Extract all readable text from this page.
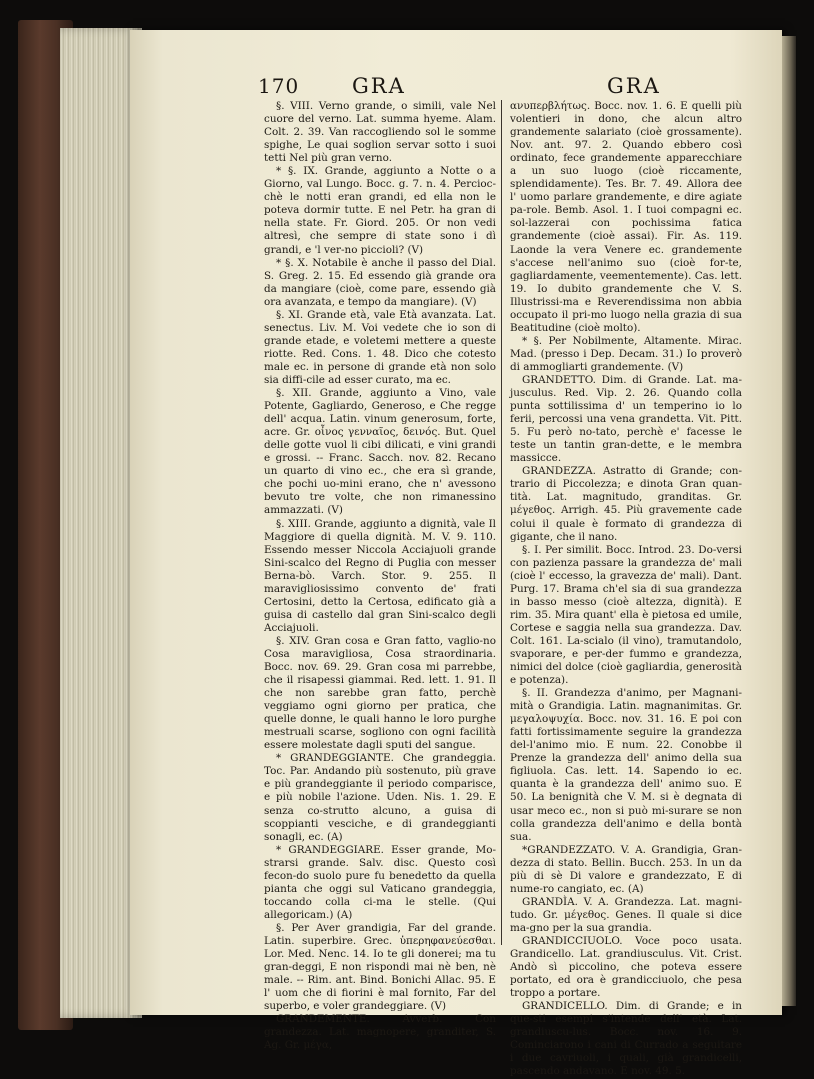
170	GRA	GRA

§. VIII. Verno grande, o simili, vale Nel cuore del verno. Lat. summa hyeme. Alam. Colt. 2. 39. Van raccogliendo sol le somme spighe, Le quai soglion servar sotto i suoi tetti Nel più gran verno.

* §. IX. Grande, aggiunto a Notte o a Giorno, val Lungo. Bocc. g. 7. n. 4. Percioc-chè le notti eran grandi, ed ella non le poteva dormir tutte. E nel Petr. ha gran di nella state. Fr. Giord. 205. Or non vedi altresì, che sempre di state sono i dì grandi, e 'l ver-no piccioli? (V)

* §. X. Notabile è anche il passo del Dial. S. Greg. 2. 15. Ed essendo già grande ora da mangiare (cioè, come pare, essendo già ora avanzata, e tempo da mangiare). (V)

§. XI. Grande età, vale Età avanzata. Lat. senectus. Liv. M. Voi vedete che io son di grande etade, e voletemi mettere a queste riotte. Red. Cons. 1. 48. Dico che cotesto male ec. in persone di grande età non solo sia diffi-cile ad esser curato, ma ec.

§. XII. Grande, aggiunto a Vino, vale Potente, Gagliardo, Generoso, e Che regge dell' acqua. Latin. vinum generosum, forte, acre. Gr. οἶνος γενναῖος, δεινός. But. Quel delle gotte vuol li cibi dilicati, e vini grandi e grossi. -- Franc. Sacch. nov. 82. Recano un quarto di vino ec., che era sì grande, che pochi uo-mini erano, che n' avessono bevuto tre volte, che non rimanessino ammazzati. (V)

§. XIII. Grande, aggiunto a dignità, vale Il Maggiore di quella dignità. M. V. 9. 110. Essendo messer Niccola Acciajuoli grande Sini-scalco del Regno di Puglia con messer Berna-bò. Varch. Stor. 9. 255. Il maravigliosissimo convento de' frati Certosini, detto la Certosa, edificato già a guisa di castello dal gran Sini-scalco degli Acciajuoli.

§. XIV. Gran cosa e Gran fatto, vaglio-no Cosa maravigliosa, Cosa straordinaria. Bocc. nov. 69. 29. Gran cosa mi parrebbe, che il risapessi giammai. Red. lett. 1. 91. Il che non sarebbe gran fatto, perchè veggiamo ogni giorno per pratica, che quelle donne, le quali hanno le loro purghe mestruali scarse, sogliono con ogni facilità essere molestate dagli sputi del sangue.

* GRANDEGGIANTE. Che grandeggia. Toc. Par. Andando più sostenuto, più grave e più grandeggiante il periodo comparisce, e più nobile l'azione. Uden. Nis. 1. 29. E senza co-strutto alcuno, a guisa di scoppianti vesciche, e di grandeggianti sonagli, ec. (A)

* GRANDEGGIARE. Esser grande, Mo-strarsi grande. Salv. disc. Questo così fecon-do suolo pure fu benedetto da quella pianta che oggi sul Vaticano grandeggia, toccando colla ci-ma le stelle. (Qui allegoricam.) (A)

§. Per Aver grandigia, Far del grande. Latin. superbire. Grec. ὑπερηφανεύεσθαι. Lor. Med. Nenc. 14. Io te gli donerei; ma tu gran-deggi, E non rispondi mai nè ben, nè male. -- Rim. ant. Bind. Bonichi Allac. 95. E l' uom che di fiorini è mal fornito, Far del superbo, e voler grandeggiare. (V)

GRANDEMENTE. Avverb. Con grandezza. Lat. magnopere, granditer, S. Ag. Gr. μέγα,

ανυπερβλήτως. Bocc. nov. 1. 6. E quelli più volentieri in dono, che alcun altro grandemente salariato (cioè grossamente). Nov. ant. 97. 2. Quando ebbero così ordinato, fece grandemente apparecchiare a un suo luogo (cioè riccamente, splendidamente). Tes. Br. 7. 49. Allora dee l' uomo parlare grandemente, e dire agiate pa-role. Bemb. Asol. 1. I tuoi compagni ec. sol-lazzerai con pochissima fatica grandemente (cioè assai). Fir. As. 119. Laonde la vera Venere ec. grandemente s'accese nell'animo suo (cioè for-te, gagliardamente, veementemente). Cas. lett. 19. Io dubito grandemente che V. S. Illustrissi-ma e Reverendissima non abbia occupato il pri-mo luogo nella grazia di sua Beatitudine (cioè molto).

* §. Per Nobilmente, Altamente. Mirac. Mad. (presso i Dep. Decam. 31.) Io proverò di ammogliarti grandemente. (V)

GRANDETTO. Dim. di Grande. Lat. ma-jusculus. Red. Vip. 2. 26. Quando colla punta sottilissima d' un temperino io lo ferii, percossi una vena grandetta. Vit. Pitt. 5. Fu però no-tato, perchè e' facesse le teste un tantin gran-dette, e le membra massicce.

GRANDEZZA. Astratto di Grande; con-trario di Piccolezza; e dinota Gran quan-tità. Lat. magnitudo, granditas. Gr. μέγεθος. Arrigh. 45. Più gravemente cade colui il quale è formato di grandezza di gigante, che il nano.

§. I. Per similit. Bocc. Introd. 23. Do-versi con pazienza passare la grandezza de' mali (cioè l' eccesso, la gravezza de' mali). Dant. Purg. 17. Brama ch'el sia di sua grandezza in basso messo (cioè altezza, dignità). E rim. 35. Mira quant' ella è pietosa ed umile, Cortese e saggia nella sua grandezza. Dav. Colt. 161. La-scialo (il vino), tramutandolo, svaporare, e per-der fummo e grandezza, nimici del dolce (cioè gagliardia, generosità e potenza).

§. II. Grandezza d'animo, per Magnani-mità o Grandigia. Latin. magnanimitas. Gr. μεγαλοψυχία. Bocc. nov. 31. 16. E poi con fatti fortissimamente seguire la grandezza del-l'animo mio. E num. 22. Conobbe il Prenze la grandezza dell' animo della sua figliuola. Cas. lett. 14. Sapendo io ec. quanta è la grandezza dell' animo suo. E 50. La benignità che V. M. si è degnata di usar meco ec., non si può mi-surare se non colla grandezza dell'animo e della bontà sua.

*GRANDEZZATO. V. A. Grandigia, Gran-dezza di stato. Bellin. Bucch. 253. In un da più di sè Di valore e grandezzato, E di nume-ro cangiato, ec. (A)

GRANDÌA. V. A. Grandezza. Lat. magni-tudo. Gr. μέγεθος. Genes. Il quale si dice ma-gno per la sua grandia.

GRANDICCIUOLO. Voce poco usata. Grandicello. Lat. grandiusculus. Vit. Crist. Andò sì piccolino, che poteva essere portato, ed ora è grandicciuolo, che pesa troppo a portare.

GRANDICELLO. Dim. di Grande; e in que-sti esempi s'intende dell' età. Lat. grandiuscu-lus. Bocc. nov. 16. 9. Cominciarono i cani di Currado a seguitare i due cavriuoli, i quali, già grandicelli, pascendo andavano. E nov. 49. 5.
